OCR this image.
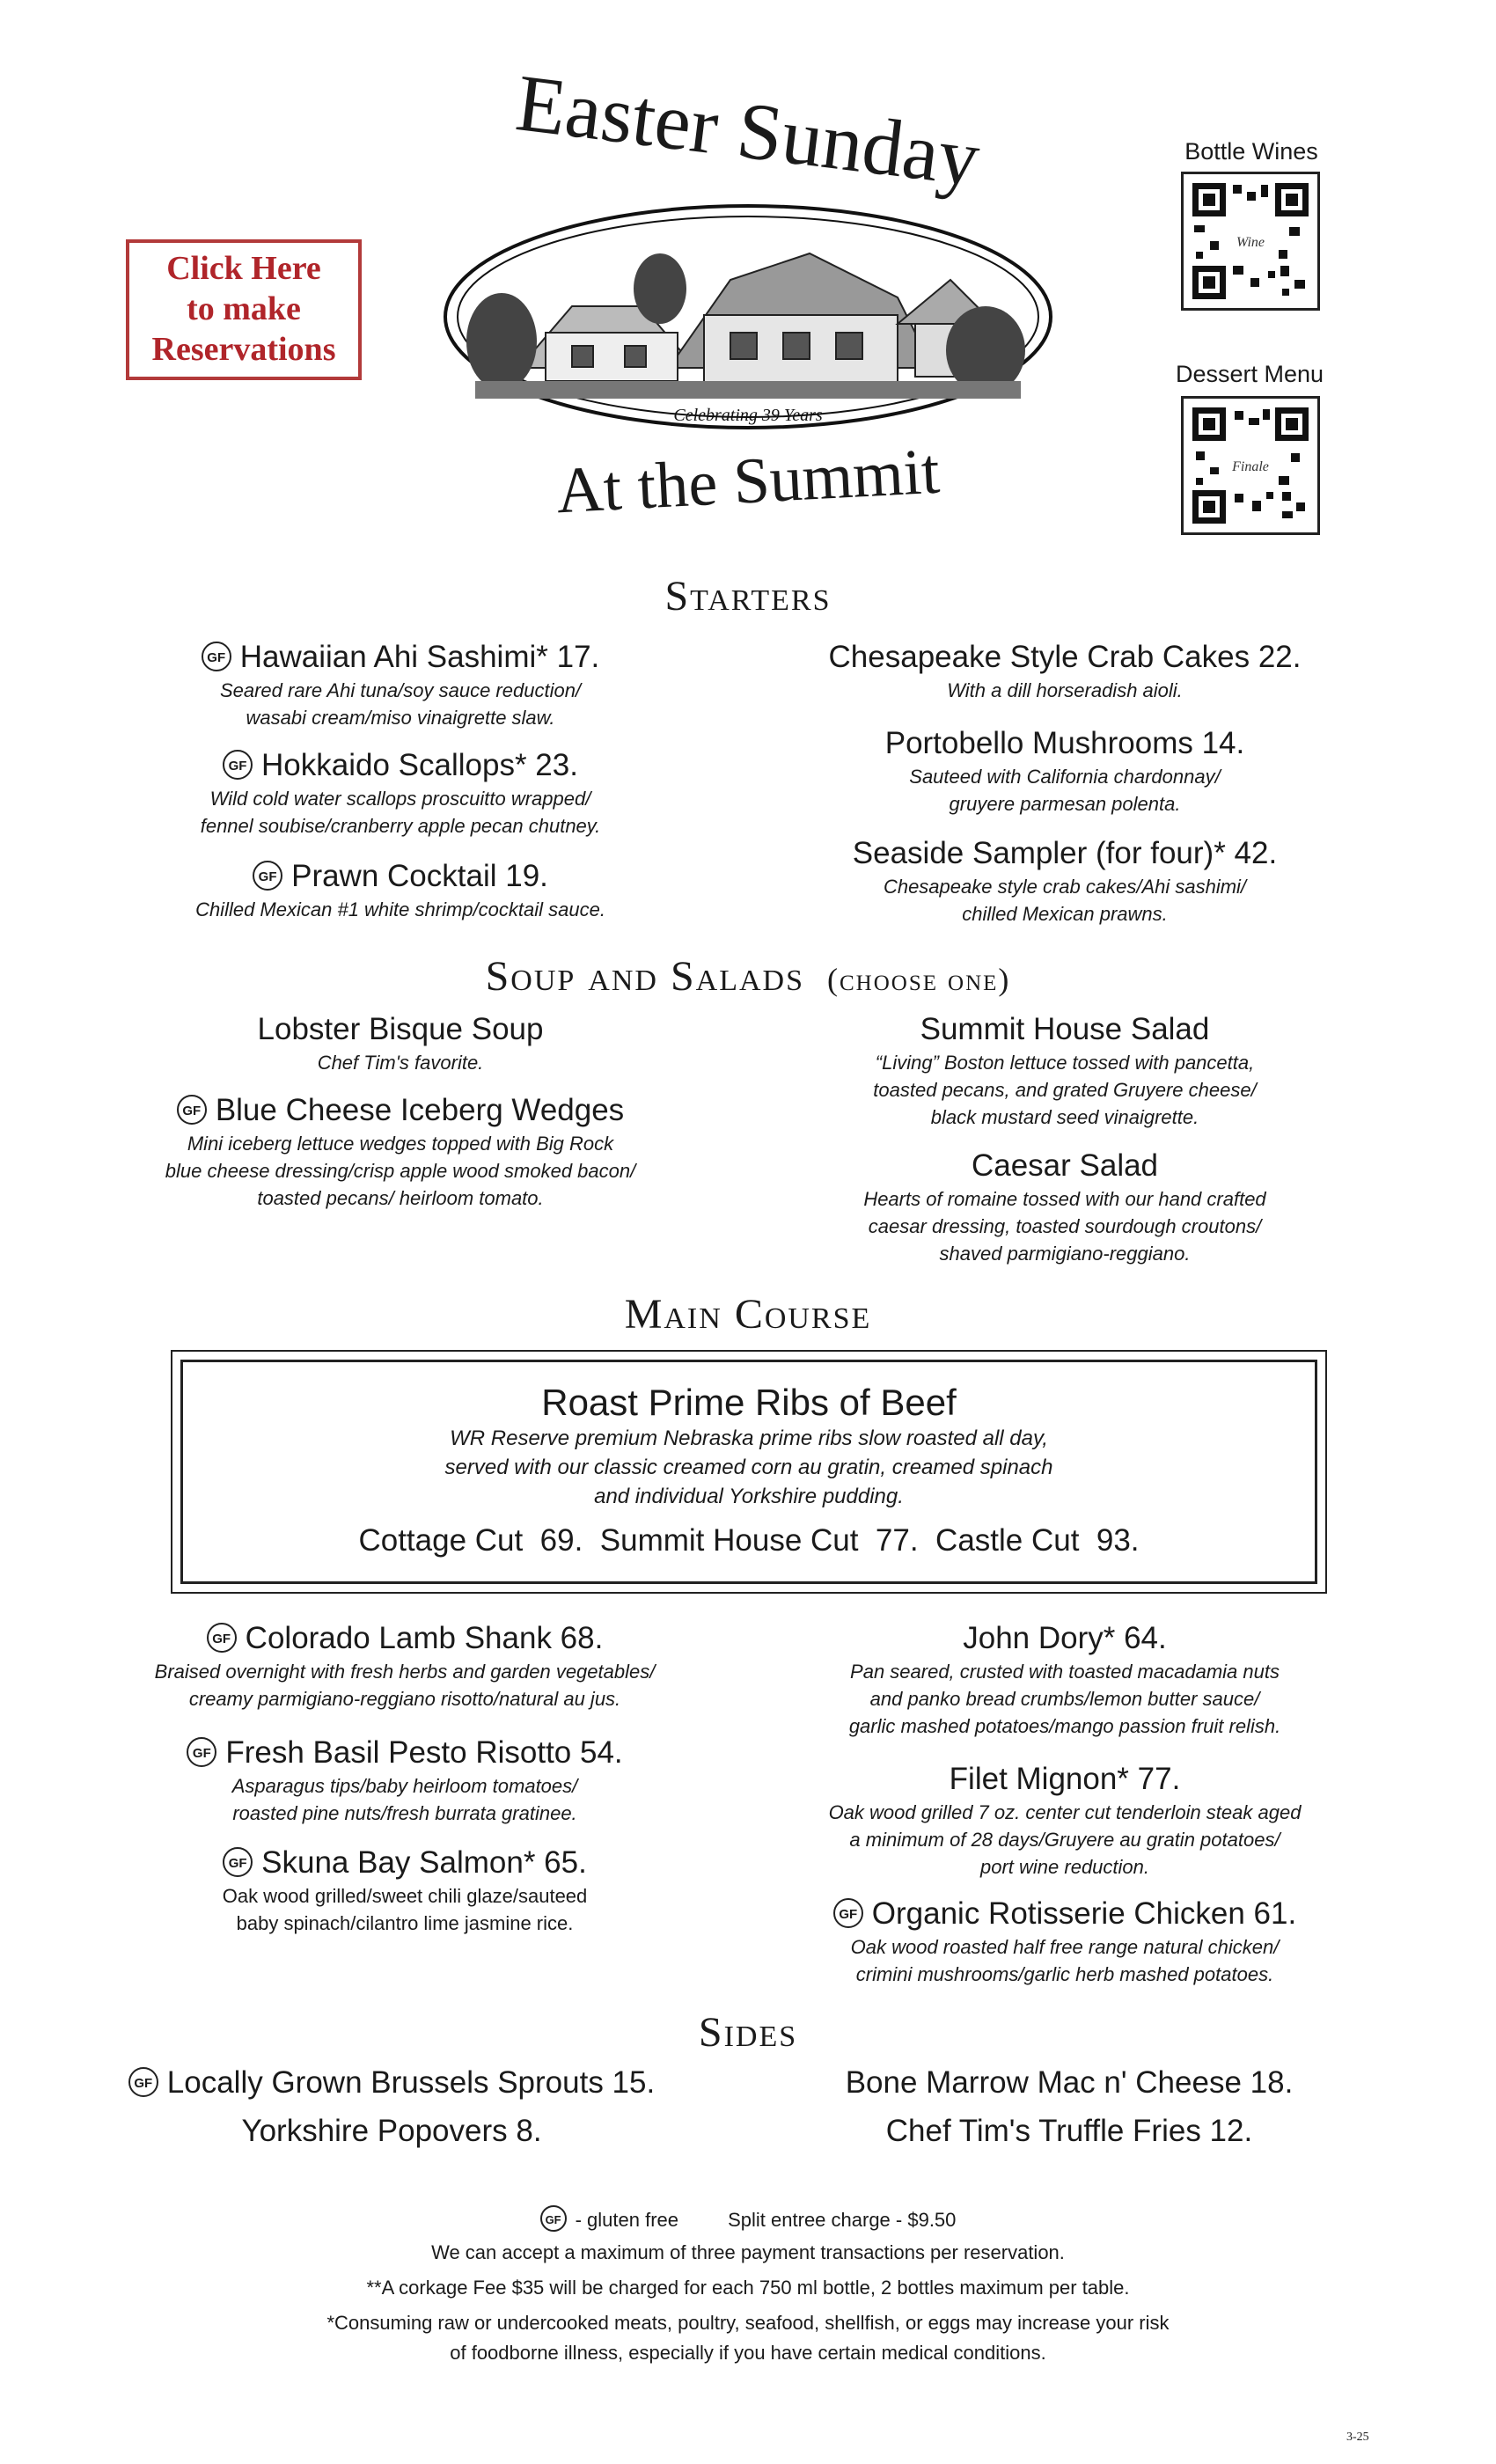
Easter Sunday
Celebrating 39 Years
At the Summit
Click Here
to make
Reservations
Bottle Wines
Wine
Dessert Menu
Finale
Starters
GF Hawaiian Ahi Sashimi* 17.
Seared rare Ahi tuna/soy sauce reduction/
wasabi cream/miso vinaigrette slaw.
GF Hokkaido Scallops* 23.
Wild cold water scallops proscuitto wrapped/
fennel soubise/cranberry apple pecan chutney.
GF Prawn Cocktail 19.
Chilled Mexican #1 white shrimp/cocktail sauce.
Chesapeake Style Crab Cakes 22.
With a dill horseradish aioli.
Portobello Mushrooms 14.
Sauteed with California chardonnay/
gruyere parmesan polenta.
Seaside Sampler (for four)* 42.
Chesapeake style crab cakes/Ahi sashimi/
chilled Mexican prawns.
Soup and Salads (choose one)
Lobster Bisque Soup
Chef Tim's favorite.
GF Blue Cheese Iceberg Wedges
Mini iceberg lettuce wedges topped with Big Rock
blue cheese dressing/crisp apple wood smoked bacon/
toasted pecans/ heirloom tomato.
Summit House Salad
“Living” Boston lettuce tossed with pancetta,
toasted pecans, and grated Gruyere cheese/
black mustard seed vinaigrette.
Caesar Salad
Hearts of romaine tossed with our hand crafted
caesar dressing, toasted sourdough croutons/
shaved parmigiano-reggiano.
Main Course
Roast Prime Ribs of Beef
WR Reserve premium Nebraska prime ribs slow roasted all day,
served with our classic creamed corn au gratin, creamed spinach
and individual Yorkshire pudding.
Cottage Cut  69.  Summit House Cut  77.  Castle Cut  93.
GF Colorado Lamb Shank 68.
Braised overnight with fresh herbs and garden vegetables/
creamy parmigiano-reggiano risotto/natural au jus.
GF Fresh Basil Pesto Risotto 54.
Asparagus tips/baby heirloom tomatoes/
roasted pine nuts/fresh burrata gratinee.
GF Skuna Bay Salmon* 65.
Oak wood grilled/sweet chili glaze/sauteed
baby spinach/cilantro lime jasmine rice.
John Dory* 64.
Pan seared, crusted with toasted macadamia nuts
and panko bread crumbs/lemon butter sauce/
garlic mashed potatoes/mango passion fruit relish.
Filet Mignon* 77.
Oak wood grilled 7 oz. center cut tenderloin steak aged
a minimum of 28 days/Gruyere au gratin potatoes/
port wine reduction.
GF Organic Rotisserie Chicken 61.
Oak wood roasted half free range natural chicken/
crimini mushrooms/garlic herb mashed potatoes.
Sides
GF Locally Grown Brussels Sprouts 15.
Yorkshire Popovers 8.
Bone Marrow Mac n' Cheese 18.
Chef Tim's Truffle Fries 12.
GF - gluten free	Split entree charge - $9.50
We can accept a maximum of three payment transactions per reservation.
**A corkage Fee $35 will be charged for each 750 ml bottle, 2 bottles maximum per table.
*Consuming raw or undercooked meats, poultry, seafood, shellfish, or eggs may increase your risk
of foodborne illness, especially if you have certain medical conditions.
3-25
